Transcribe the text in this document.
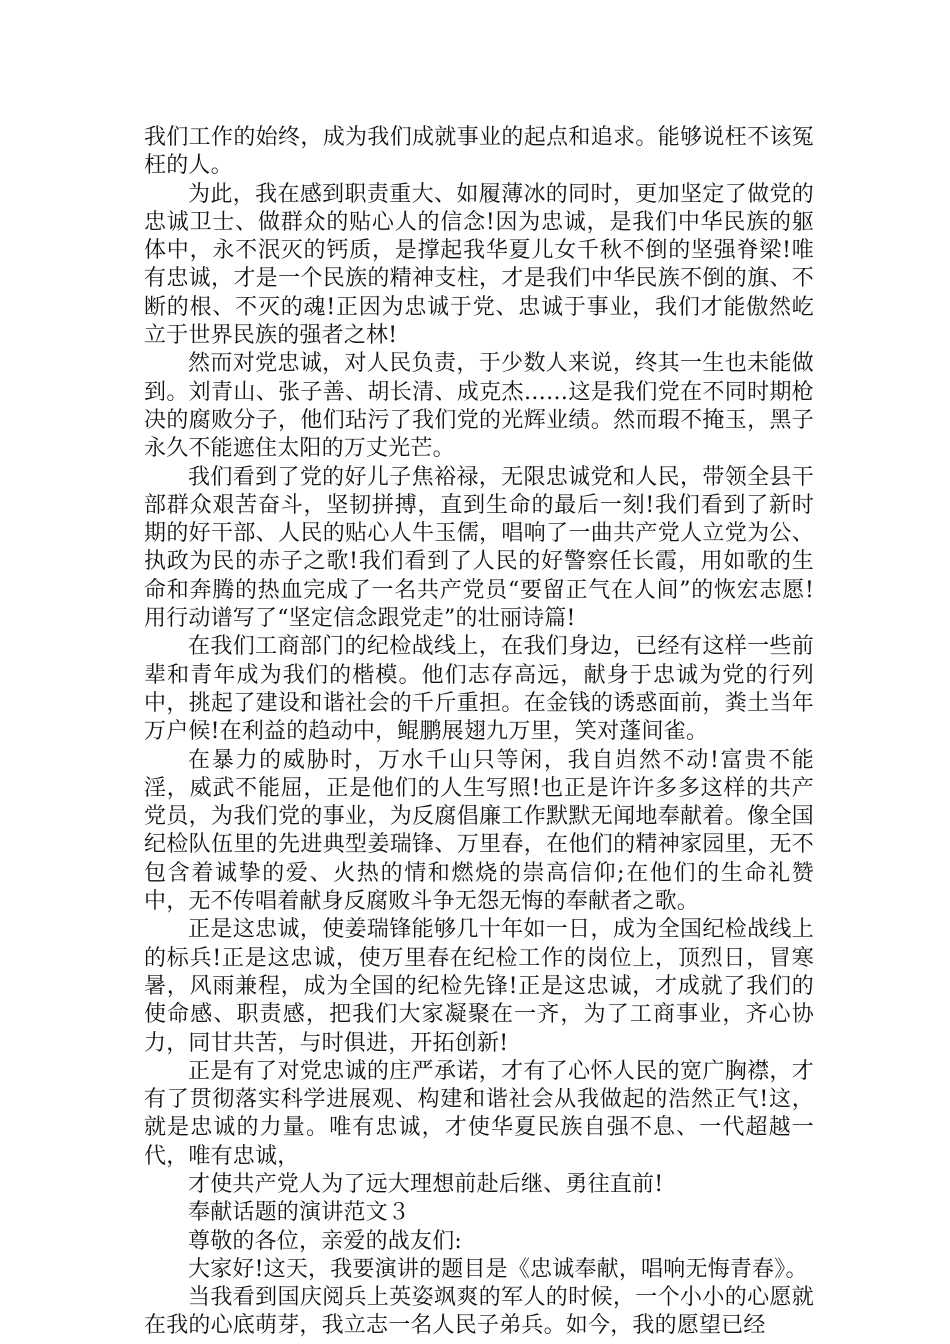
我们工作的始终，成为我们成就事业的起点和追求。能够说枉不该冤枉的人。

为此，我在感到职责重大、如履薄冰的同时，更加坚定了做党的忠诚卫士、做群众的贴心人的信念!因为忠诚，是我们中华民族的躯体中，永不泯灭的钙质，是撑起我华夏儿女千秋不倒的坚强脊梁!唯有忠诚，才是一个民族的精神支柱，才是我们中华民族不倒的旗、不断的根、不灭的魂!正因为忠诚于党、忠诚于事业，我们才能傲然屹立于世界民族的强者之林!

然而对党忠诚，对人民负责，于少数人来说，终其一生也未能做到。刘青山、张子善、胡长清、成克杰……这是我们党在不同时期枪决的腐败分子，他们玷污了我们党的光辉业绩。然而瑕不掩玉，黑子永久不能遮住太阳的万丈光芒。

我们看到了党的好儿子焦裕禄，无限忠诚党和人民，带领全县干部群众艰苦奋斗，坚韧拼搏，直到生命的最后一刻!我们看到了新时期的好干部、人民的贴心人牛玉儒，唱响了一曲共产党人立党为公、执政为民的赤子之歌!我们看到了人民的好警察任长霞，用如歌的生命和奔腾的热血完成了一名共产党员“要留正气在人间”的恢宏志愿!用行动谱写了“坚定信念跟党走”的壮丽诗篇!

在我们工商部门的纪检战线上，在我们身边，已经有这样一些前辈和青年成为我们的楷模。他们志存高远，献身于忠诚为党的行列中，挑起了建设和谐社会的千斤重担。在金钱的诱惑面前，粪土当年万户候!在利益的趋动中，鲲鹏展翅九万里，笑对蓬间雀。

在暴力的威胁时，万水千山只等闲，我自岿然不动!富贵不能淫，威武不能屈，正是他们的人生写照!也正是许许多多这样的共产党员，为我们党的事业，为反腐倡廉工作默默无闻地奉献着。像全国纪检队伍里的先进典型姜瑞锋、万里春，在他们的精神家园里，无不包含着诚挚的爱、火热的情和燃烧的崇高信仰;在他们的生命礼赞中，无不传唱着献身反腐败斗争无怨无悔的奉献者之歌。

正是这忠诚，使姜瑞锋能够几十年如一日，成为全国纪检战线上的标兵!正是这忠诚，使万里春在纪检工作的岗位上，顶烈日，冒寒暑，风雨兼程，成为全国的纪检先锋!正是这忠诚，才成就了我们的使命感、职责感，把我们大家凝聚在一齐，为了工商事业，齐心协力，同甘共苦，与时俱进，开拓创新!

正是有了对党忠诚的庄严承诺，才有了心怀人民的宽广胸襟，才有了贯彻落实科学进展观、构建和谐社会从我做起的浩然正气!这，就是忠诚的力量。唯有忠诚，才使华夏民族自强不息、一代超越一代，唯有忠诚，

才使共产党人为了远大理想前赴后继、勇往直前!

奉献话题的演讲范文３

尊敬的各位，亲爱的战友们:

大家好!这天，我要演讲的题目是《忠诚奉献，唱响无悔青春》。

当我看到国庆阅兵上英姿飒爽的军人的时候，一个小小的心愿就在我的心底萌芽，我立志一名人民子弟兵。如今，我的愿望已经
